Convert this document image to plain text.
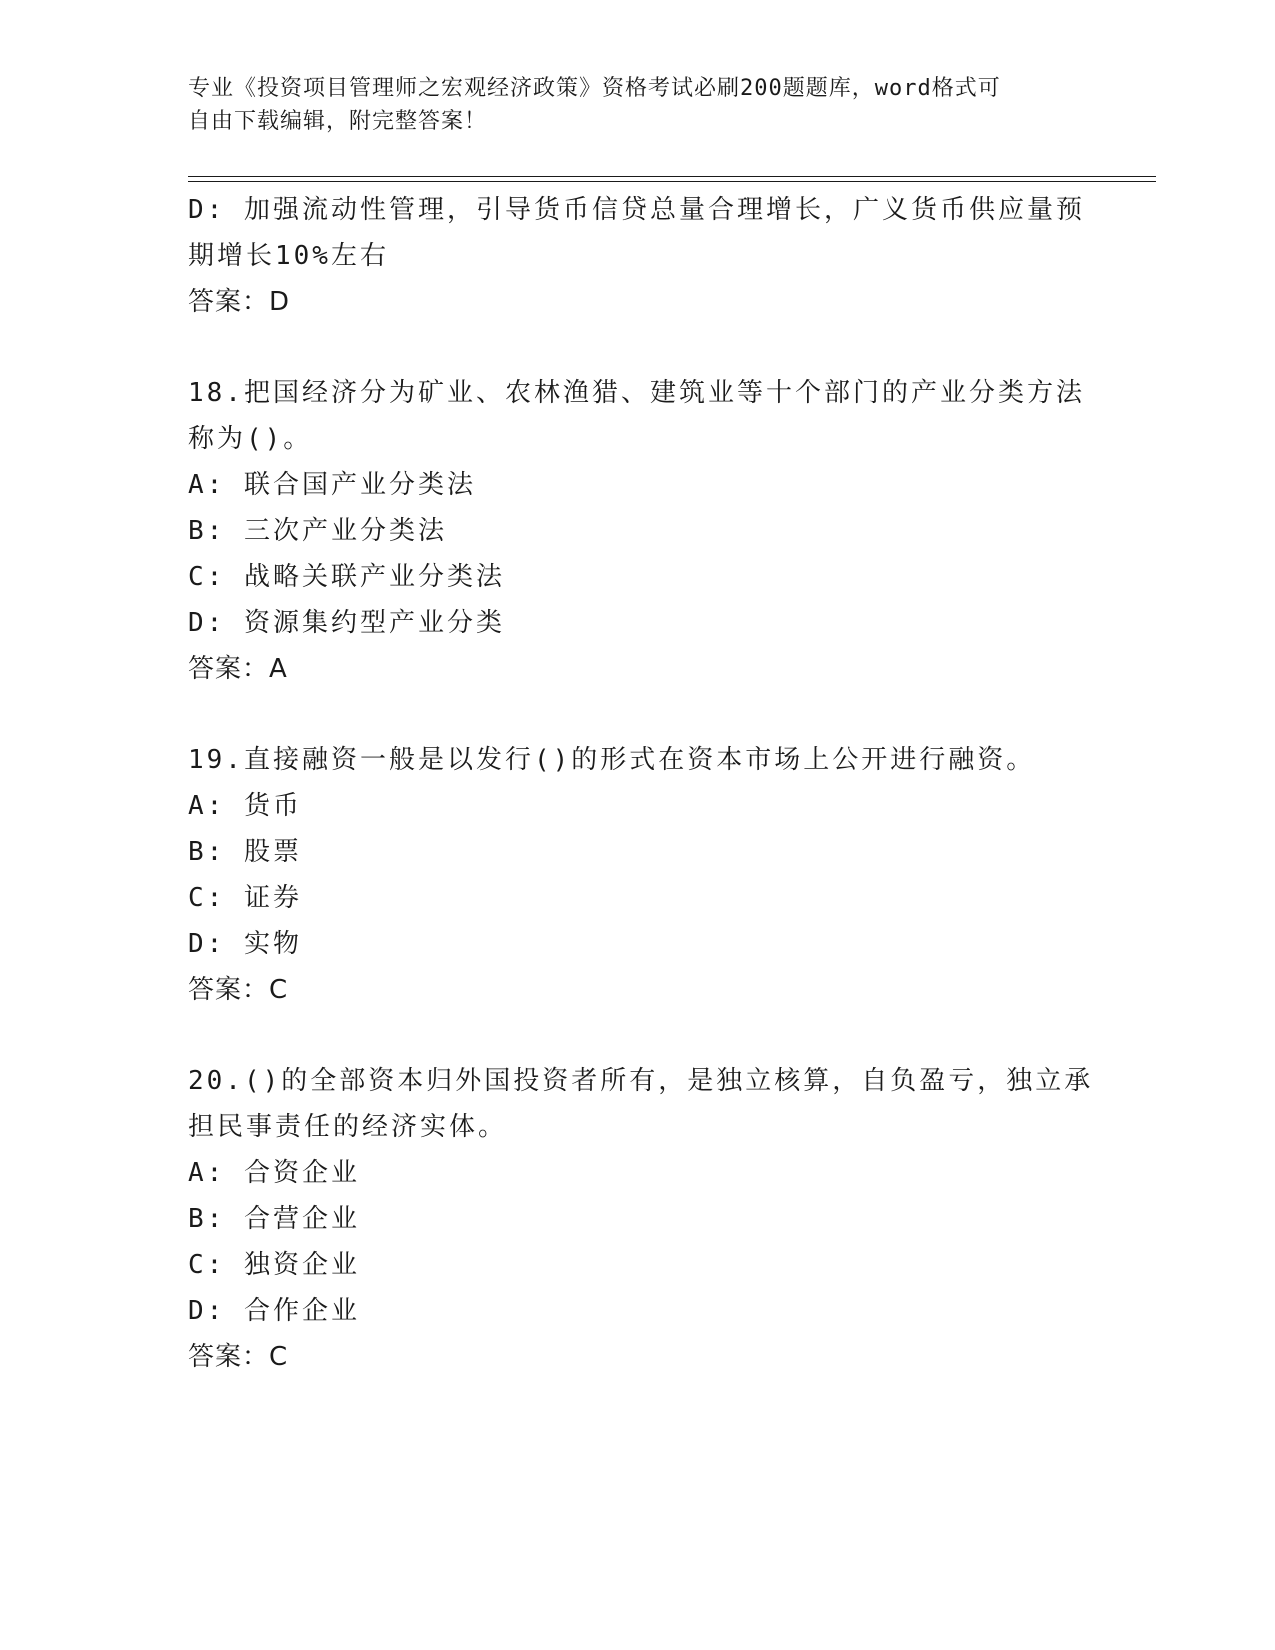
专业《投资项目管理师之宏观经济政策》资格考试必刷200题题库，word格式可
自由下载编辑，附完整答案！
D: 加强流动性管理，引导货币信贷总量合理增长，广义货币供应量预
期增长10%左右
答案：D
18.把国经济分为矿业、农林渔猎、建筑业等十个部门的产业分类方法
称为()。
A: 联合国产业分类法
B: 三次产业分类法
C: 战略关联产业分类法
D: 资源集约型产业分类
答案：A
19.直接融资一般是以发行()的形式在资本市场上公开进行融资。
A: 货币
B: 股票
C: 证券
D: 实物
答案：C
20.()的全部资本归外国投资者所有，是独立核算，自负盈亏，独立承
担民事责任的经济实体。
A: 合资企业
B: 合营企业
C: 独资企业
D: 合作企业
答案：C
